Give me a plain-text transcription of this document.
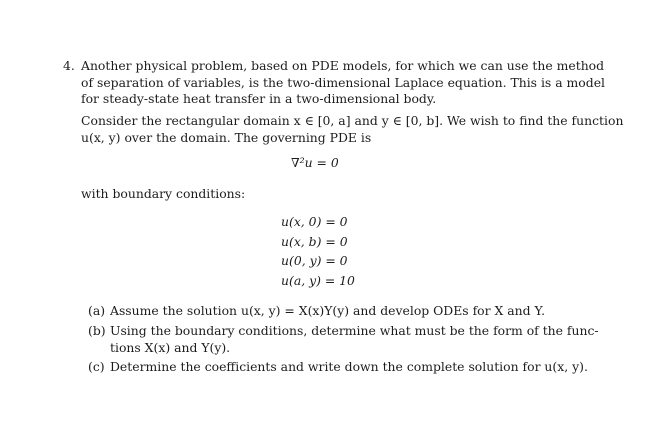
4. Another physical problem, based on PDE models, for which we can use the method
of separation of variables, is the two-dimensional Laplace equation. This is a model
for steady-state heat transfer in a two-dimensional body.
Consider the rectangular domain x ∈ [0, a] and y ∈ [0, b]. We wish to find the function
u(x, y) over the domain. The governing PDE is
∇²u = 0
with boundary conditions:
u(x, 0) = 0
u(x, b) = 0
u(0, y) = 0
u(a, y) = 10
(a) Assume the solution u(x, y) = X(x)Y(y) and develop ODEs for X and Y.
(b) Using the boundary conditions, determine what must be the form of the func-
tions X(x) and Y(y).
(c) Determine the coefficients and write down the complete solution for u(x, y).
